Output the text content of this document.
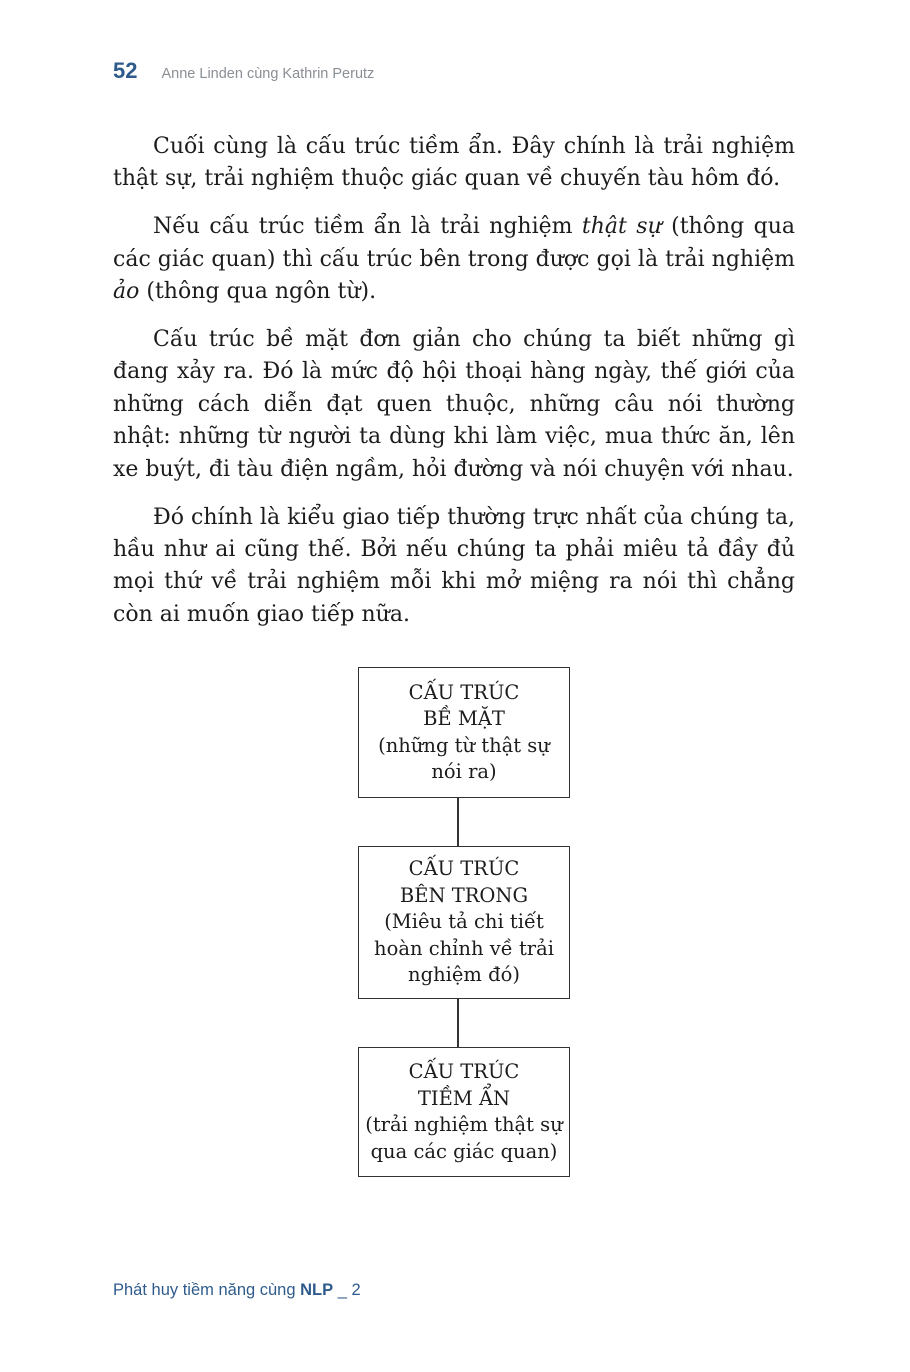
52 Anne Linden cùng Kathrin Perutz

Cuối cùng là cấu trúc tiềm ẩn. Đây chính là trải nghiệm thật sự, trải nghiệm thuộc giác quan về chuyến tàu hôm đó.

Nếu cấu trúc tiềm ẩn là trải nghiệm thật sự (thông qua các giác quan) thì cấu trúc bên trong được gọi là trải nghiệm ảo (thông qua ngôn từ).

Cấu trúc bề mặt đơn giản cho chúng ta biết những gì đang xảy ra. Đó là mức độ hội thoại hàng ngày, thế giới của những cách diễn đạt quen thuộc, những câu nói thường nhật: những từ người ta dùng khi làm việc, mua thức ăn, lên xe buýt, đi tàu điện ngầm, hỏi đường và nói chuyện với nhau.

Đó chính là kiểu giao tiếp thường trực nhất của chúng ta, hầu như ai cũng thế. Bởi nếu chúng ta phải miêu tả đầy đủ mọi thứ về trải nghiệm mỗi khi mở miệng ra nói thì chẳng còn ai muốn giao tiếp nữa.

CẤU TRÚC
BỀ MẶT
(những từ thật sự
nói ra)
CẤU TRÚC
BÊN TRONG
(Miêu tả chi tiết
hoàn chỉnh về trải
nghiệm đó)
CẤU TRÚC
TIỀM ẨN
(trải nghiệm thật sự
qua các giác quan)
Phát huy tiềm năng cùng NLP _ 2
